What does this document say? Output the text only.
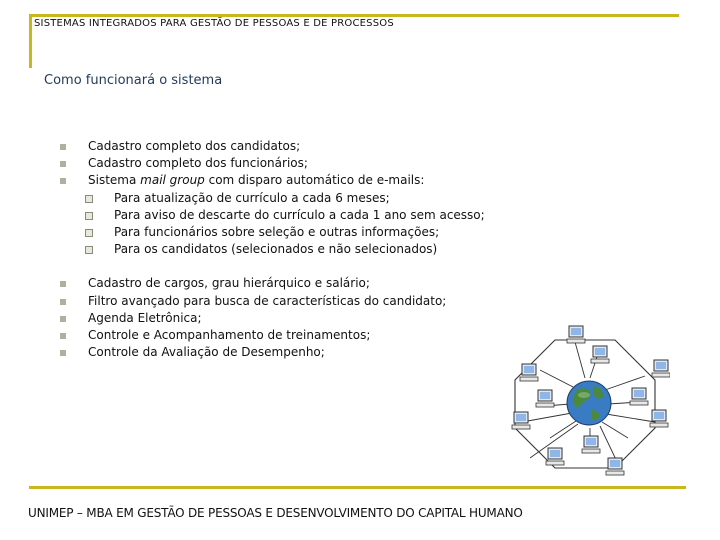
SISTEMAS INTEGRADOS PARA GESTÃO DE PESSOAS E DE PROCESSOS
Como funcionará o sistema
Cadastro completo dos candidatos;
Cadastro completo dos funcionários;
Sistema mail group com disparo automático de e-mails:
Para atualização de currículo a cada 6 meses;
Para aviso de descarte do currículo a cada 1 ano sem acesso;
Para funcionários sobre seleção e outras informações;
Para os candidatos (selecionados e não selecionados)
Cadastro de cargos, grau hierárquico e salário;
Filtro avançado para busca de características do candidato;
Agenda Eletrônica;
Controle e Acompanhamento de treinamentos;
Controle da Avaliação de Desempenho;
UNIMEP – MBA EM GESTÃO DE PESSOAS E DESENVOLVIMENTO DO CAPITAL HUMANO
